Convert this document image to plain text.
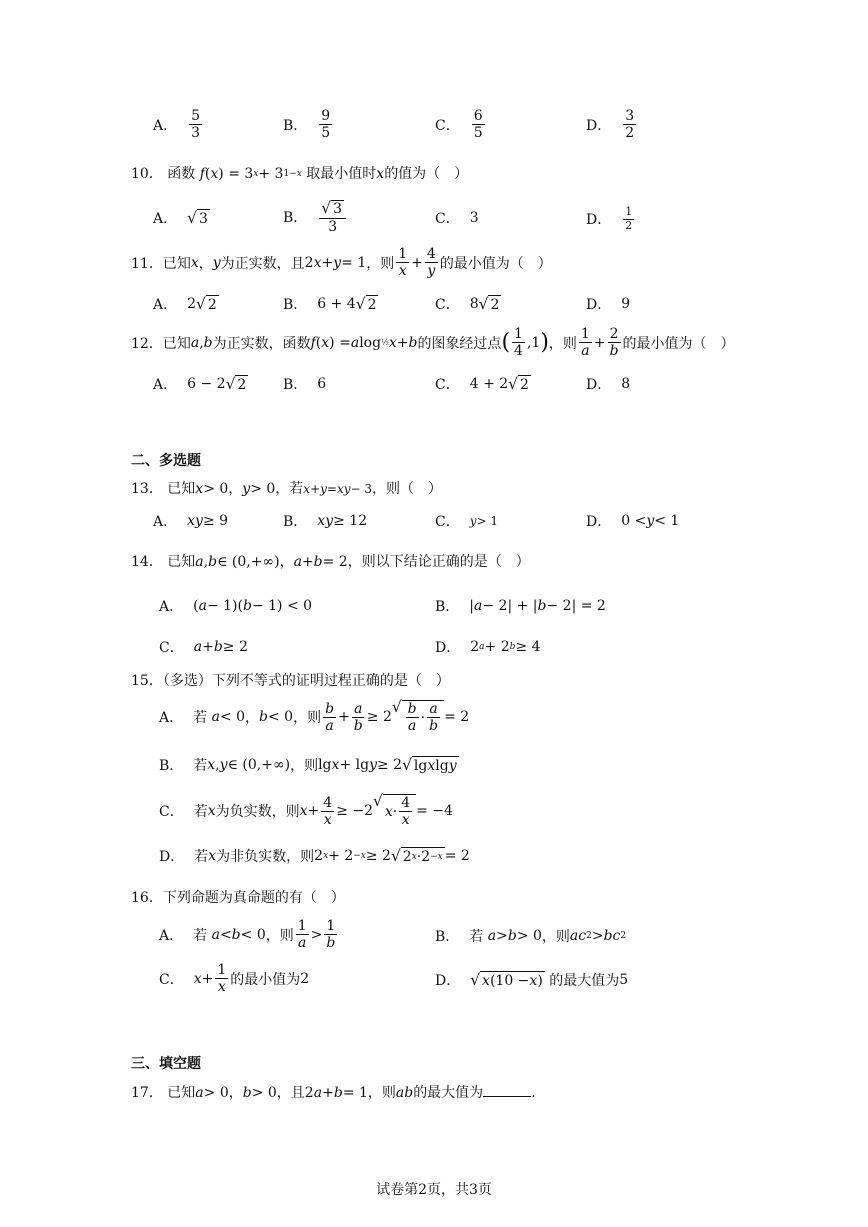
A． $\frac{5}{3}$	B． $\frac{9}{5}$	C． $\frac{6}{5}$	D． $\frac{3}{2}$
10． 函数 f ( x ) = 3 x + 3 1−x 取最小值时x的值为（　）
A． √ 3	B． $\frac{√ 3}{3}$	C． 3	D． $\frac{1}{2}$
11． 已知 x ， y 为正实数，且 2 x + y = 1 ，则 $\frac{1}{x} + \frac{4}{y}$ 的最小值为（　）
A． 2 √ 2	B． 6 + 4 √ 2	C． 8 √ 2	D． 9
12． 已知 a , b 为正实数，函数 f ( x ) = a log ½ x + b 的图象经过点 ( $\frac{1}{4} ,1$ ) ，则 $\frac{1}{a} + \frac{2}{b}$ 的最小值为（　）
A． 6 − 2 √ 2	B． 6	C． 4 + 2 √ 2	D． 8
二、多选题
13． 已知 x > 0， y > 0，若 x + y = xy − 3，则（　）
A． xy ≥ 9	B． xy ≥ 12	C． y > 1	D． 0 < y < 1
14． 已知 a , b ∈ (0,+∞)， a + b = 2，则以下结论正确的是（　）
A． ( a − 1)( b − 1) < 0	B． | a − 2| + | b − 2| = 2
C． a + b ≥ 2	D． 2 a + 2 b ≥ 4
15．（多选）下列不等式的证明过程正确的是（　）
A． 若
a < 0 ， b < 0 ，则 $\frac{b}{a} + \frac{a}{b} \ge 2$
√ $\frac{b}{a} \cdot \frac{a}{b} = 2$
B． 若 x , y ∈ (0,+∞) ，则 lg x + lg y ≥ 2 √ lg x lg y
C． 若 x 为负实数，则 $x + \frac{4}{x} \ge -2$
√
$x \cdot \frac{4}{x} = -4$
D． 若 x 为非负实数，则 2 x + 2 −x ≥ 2 √ 2 x ·2 −x = 2
16．下列命题为真命题的有（　）
A． 若
a < b < 0 ，则 $\frac{1}{a} > \frac{1}{b}$	B． 若
a > b > 0 ，则 ac 2 > bc 2
C． $x + \frac{1}{x}$ 的最小值为 2	D． √ x (10 − x )
的最大值为 5
三、填空题
17． 已知 a > 0， b > 0，且2 a + b = 1，则ab的最大值为	.
试卷第2页，共3页
